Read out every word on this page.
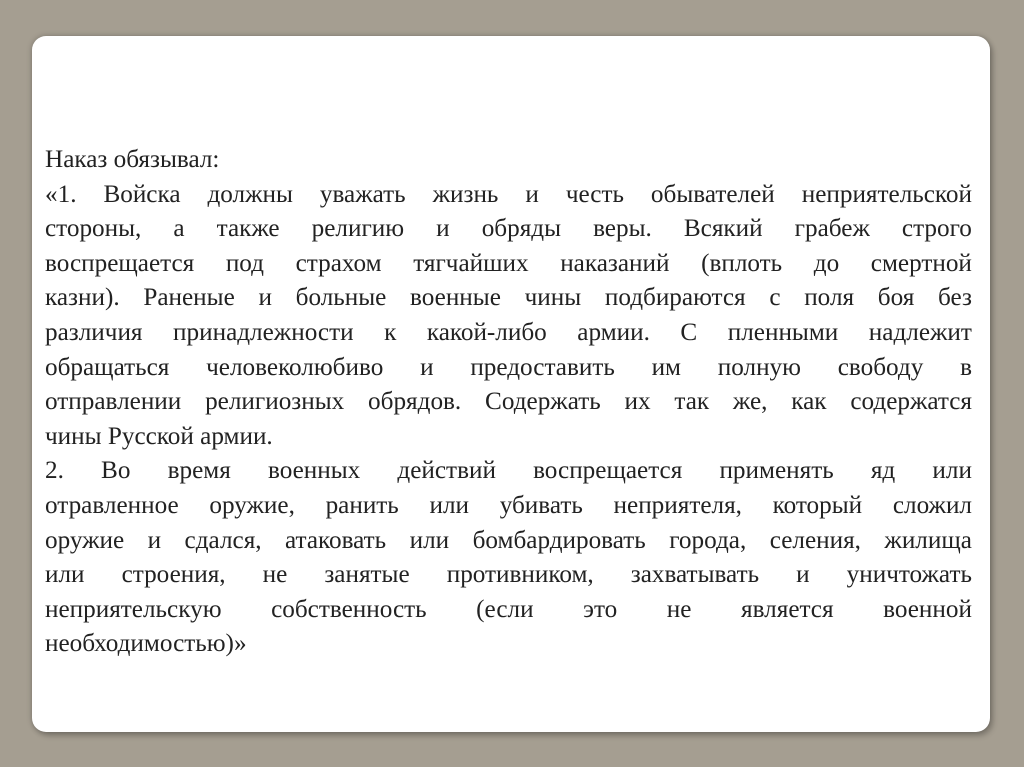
Наказ обязывал:
«1. Войска должны уважать жизнь и честь обывателей неприятельской
стороны, а также религию и обряды веры. Всякий грабеж строго
воспрещается под страхом тягчайших наказаний (вплоть до смертной
казни). Раненые и больные военные чины подбираются с поля боя без
различия принадлежности к какой-либо армии. С пленными надлежит
обращаться человеколюбиво и предоставить им полную свободу в
отправлении религиозных обрядов. Содержать их так же, как содержатся
чины Русской армии.
2. Во время военных действий воспрещается применять яд или
отравленное оружие, ранить или убивать неприятеля, который сложил
оружие и сдался, атаковать или бомбардировать города, селения, жилища
или строения, не занятые противником, захватывать и уничтожать
неприятельскую собственность (если это не является военной
необходимостью)»
